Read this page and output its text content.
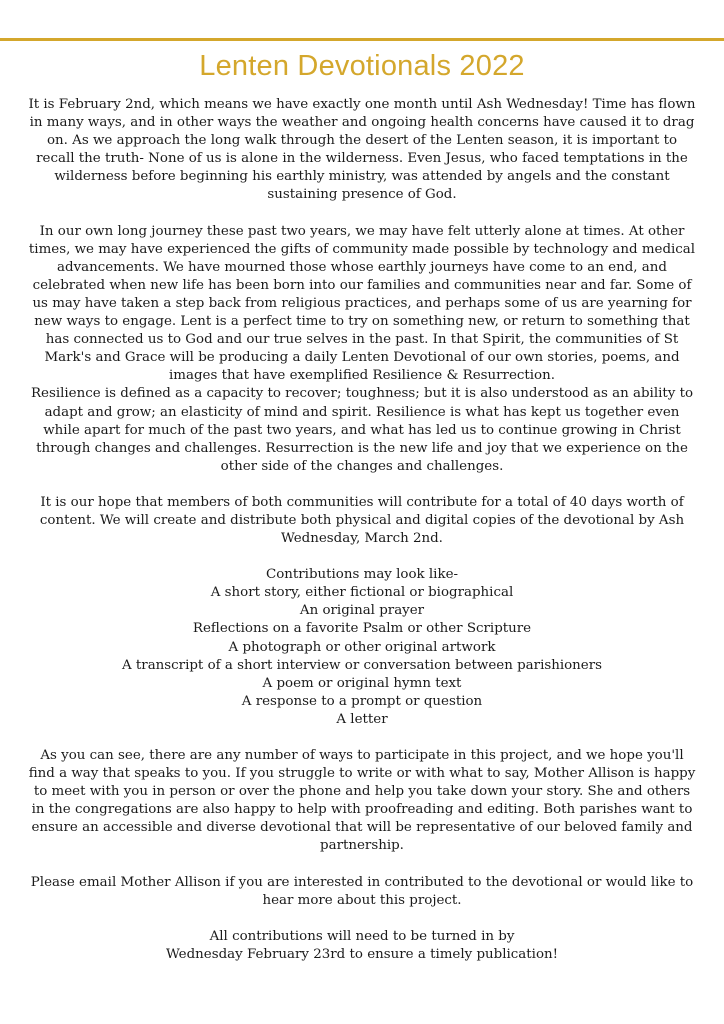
Lenten Devotionals 2022

It is February 2nd, which means we have exactly one month until Ash Wednesday! Time has flown in many ways, and in other ways the weather and ongoing health concerns have caused it to drag on. As we approach the long walk through the desert of the Lenten season, it is important to recall the truth- None of us is alone in the wilderness. Even Jesus, who faced temptations in the wilderness before beginning his earthly ministry, was attended by angels and the constant sustaining presence of God.

In our own long journey these past two years, we may have felt utterly alone at times. At other times, we may have experienced the gifts of community made possible by technology and medical advancements. We have mourned those whose earthly journeys have come to an end, and celebrated when new life has been born into our families and communities near and far. Some of us may have taken a step back from religious practices, and perhaps some of us are yearning for new ways to engage. Lent is a perfect time to try on something new, or return to something that has connected us to God and our true selves in the past. In that Spirit, the communities of St Mark's and Grace will be producing a daily Lenten Devotional of our own stories, poems, and images that have exemplified Resilience & Resurrection.

Resilience is defined as a capacity to recover; toughness; but it is also understood as an ability to adapt and grow; an elasticity of mind and spirit. Resilience is what has kept us together even while apart for much of the past two years, and what has led us to continue growing in Christ through changes and challenges. Resurrection is the new life and joy that we experience on the other side of the changes and challenges.

It is our hope that members of both communities will contribute for a total of 40 days worth of content. We will create and distribute both physical and digital copies of the devotional by Ash Wednesday, March 2nd.

Contributions may look like-

A short story, either fictional or biographical
An original prayer
Reflections on a favorite Psalm or other Scripture
A photograph or other original artwork
A transcript of a short interview or conversation between parishioners
A poem or original hymn text
A response to a prompt or question
A letter

As you can see, there are any number of ways to participate in this project, and we hope you'll find a way that speaks to you. If you struggle to write or with what to say, Mother Allison is happy to meet with you in person or over the phone and help you take down your story. She and others in the congregations are also happy to help with proofreading and editing. Both parishes want to ensure an accessible and diverse devotional that will be representative of our beloved family and partnership.

Please email Mother Allison if you are interested in contributed to the devotional or would like to hear more about this project.

All contributions will need to be turned in by

Wednesday February 23rd to ensure a timely publication!
